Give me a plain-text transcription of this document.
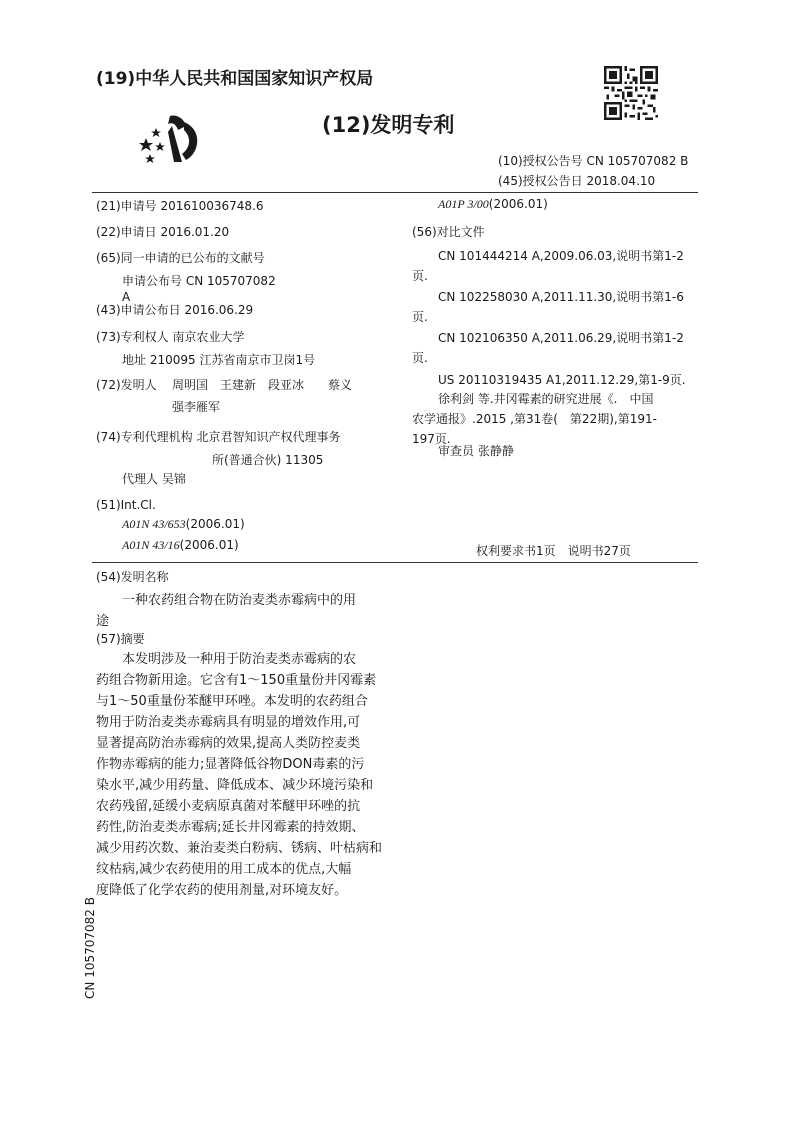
(19)中华人民共和国国家知识产权局
(12)发明专利
(10)授权公告号 CN 105707082 B
(45)授权公告日 2018.04.10
(21)申请号 201610036748.6
(22)申请日 2016.01.20
(65)同一申请的已公布的文献号
申请公布号 CN 105707082
A
(43)申请公布日 2016.06.29
(73)专利权人 南京农业大学
地址 210095 江苏省南京市卫岗1号
(72)发明人 周明国　王建新　段亚冰　　蔡义
强李雁军
(74)专利代理机构 北京君智知识产权代理事务
所(普通合伙) 11305
代理人 吴锦
(51)Int.Cl.
A01N 43/653(2006.01)
A01N 43/16(2006.01)
A01P 3/00(2006.01)
(56)对比文件
CN 101444214 A,2009.06.03,说明书第1-2
页.
CN 102258030 A,2011.11.30,说明书第1-6
页.
CN 102106350 A,2011.06.29,说明书第1-2
页.
US 20110319435 A1,2011.12.29,第1-9页.
徐利剑 等.井冈霉素的研究进展《.　中国
农学通报》.2015 ,第31卷(　第22期),第191-
197页.
审查员 张静静
权利要求书1页　说明书27页
(54)发明名称
一种农药组合物在防治麦类赤霉病中的用
途
(57)摘要
　　本发明涉及一种用于防治麦类赤霉病的农
药组合物新用途。它含有1～150重量份井冈霉素
与1～50重量份苯醚甲环唑。本发明的农药组合
物用于防治麦类赤霉病具有明显的增效作用,可
显著提高防治赤霉病的效果,提高人类防控麦类
作物赤霉病的能力;显著降低谷物DON毒素的污
染水平,减少用药量、降低成本、减少环境污染和
农药残留,延缓小麦病原真菌对苯醚甲环唑的抗
药性,防治麦类赤霉病;延长井冈霉素的持效期、
减少用药次数、兼治麦类白粉病、锈病、叶枯病和
纹枯病,减少农药使用的用工成本的优点,大幅
度降低了化学农药的使用剂量,对环境友好。
CN 105707082 B
